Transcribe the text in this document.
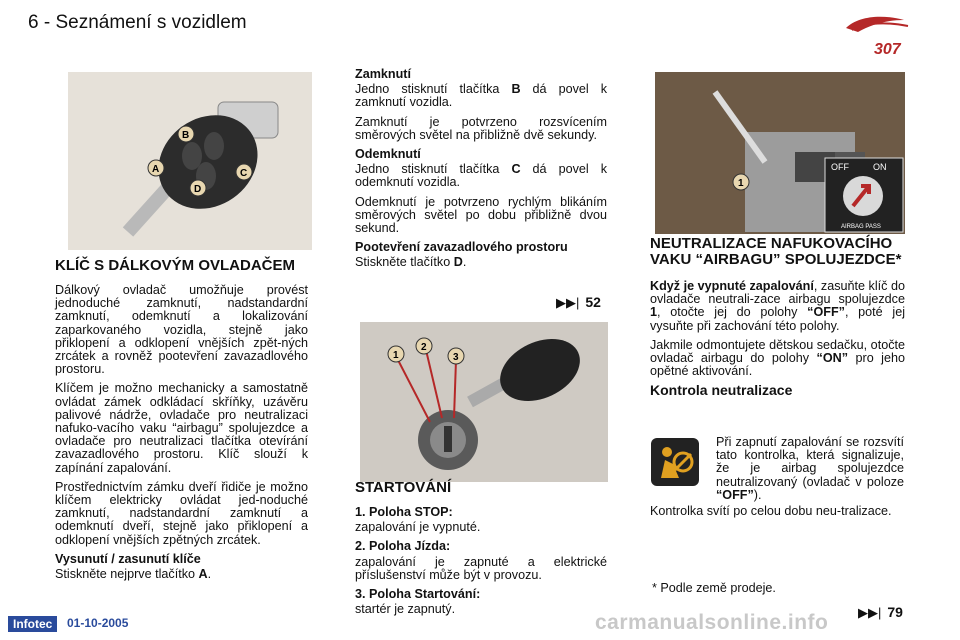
6 - Seznámení s vozidlem
307
B
C
A
D
KLÍČ S DÁLKOVÝM OVLADAČEM

Dálkový ovladač umožňuje provést jednoduché zamknutí, nadstandardní zamknutí, odemknutí a lokalizování zaparkovaného vozidla, stejně jako přiklopení a odklopení vnějších zpět-ných zrcátek a rovněž pootevření zavazadlového prostoru.

Klíčem je možno mechanicky a samostatně ovládat zámek odkládací skříňky, uzávěru palivové nádrže, ovladače pro neutralizaci nafuko-vacího vaku “airbagu” spolujezdce a ovladače pro neutralizaci tlačítka otevírání zavazadlového prostoru. Klíč slouží k zapínání zapalování.

Prostřednictvím zámku dveří řidiče je možno klíčem elektricky ovládat jed-noduché zamknutí, nadstandardní zamknutí a odemknutí dveří, stejně jako přiklopení a odklopení vnějších zpětných zrcátek.

Vysunutí / zasunutí klíče

Stiskněte nejprve tlačítko A.

Zamknutí

Jedno stisknutí tlačítka B dá povel k zamknutí vozidla.

Zamknutí je potvrzeno rozsvícením směrových světel na přibližně dvě sekundy.

Odemknutí

Jedno stisknutí tlačítka C dá povel k odemknutí vozidla.

Odemknutí je potvrzeno rychlým blikáním směrových světel po dobu přibližně dvou sekund.

Pootevření zavazadlového prostoru

Stiskněte tlačítko D.

▶▶| 52
1
2
3
STARTOVÁNÍ
1. Poloha STOP:

zapalování je vypnuté.

2. Poloha Jízda:

zapalování je zapnuté a elektrické příslušenství může být v provozu.

3. Poloha Startování:

startér je zapnutý.

1
OFF	ON
AIRBAG PASS
NEUTRALIZACE NAFUKOVACÍHO VAKU “AIRBAGU” SPOLUJEZDCE*

Když je vypnuté zapalování, zasuňte klíč do ovladače neutrali-zace airbagu spolujezdce 1, otočte jej do polohy “OFF”, poté jej vysuňte při zachování této polohy.

Jakmile odmontujete dětskou sedačku, otočte ovladač airbagu do polohy “ON” pro jeho opětné aktivování.

Kontrola neutralizace

Při zapnutí zapalování se rozsvítí tato kontrolka, která signalizuje, že je airbag spolujezdce neutralizovaný (ovladač v poloze “OFF”).

Kontrolka svítí po celou dobu neu-tralizace.

* Podle země prodeje.

▶▶| 79
Infotec	01-10-2005	carmanualsonline.info
